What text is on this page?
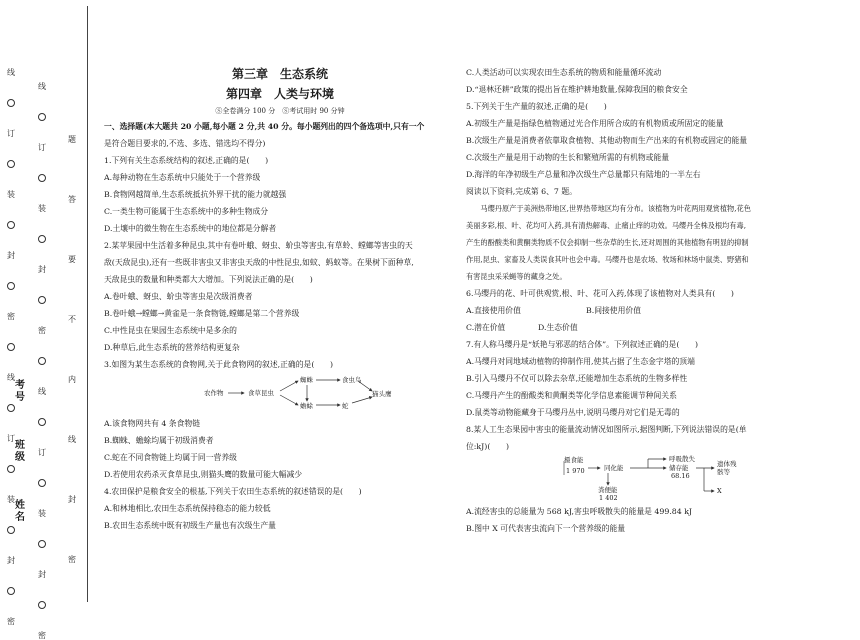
线
订
装
封
密
线
订
装
封
密
线
订
装
封
密
线
订
装
封
密
题
答
要
不
内
线
封
密
考号
班级
姓名
第三章　生态系统
第四章　人类与环境
Ⓢ全卷满分 100 分　Ⓢ考试用时 90 分钟
一、选择题(本大题共 20 小题,每小题 2 分,共 40 分。每小题列出的四个备选项中,只有一个
是符合题目要求的,不选、多选、错选均不得分)
1.下列有关生态系统结构的叙述,正确的是(　　)
A.每种动物在生态系统中只能处于一个营养级
B.食物网越简单,生态系统抵抗外界干扰的能力就越强
C.一类生物可能属于生态系统中的多种生物成分
D.土壤中的微生物在生态系统中的地位都是分解者
2.某苹果园中生活着多种昆虫,其中有卷叶蛾、蚜虫、蚧虫等害虫,有草蛉、螳螂等害虫的天
敌(天敌昆虫),还有一些既非害虫又非害虫天敌的中性昆虫,如蚊、蚂蚁等。在果树下面种草,
天敌昆虫的数量和种类都大大增加。下列说法正确的是(　　)
A.卷叶蛾、蚜虫、蚧虫等害虫是次级消费者
B.卷叶蛾→螳螂→黄雀是一条食物链,螳螂是第二个营养级
C.中性昆虫在果园生态系统中是多余的
D.种草后,此生态系统的营养结构更复杂
3.如图为某生态系统的食物网,关于此食物网的叙述,正确的是(　　)
农作物	食草昆虫
蜘蛛
蟾蜍
食虫鸟
猫头鹰
蛇
A.该食物网共有 4 条食物链
B.蜘蛛、蟾蜍均属于初级消费者
C.蛇在不同食物链上均属于同一营养级
D.若使用农药杀灭食草昆虫,则猫头鹰的数量可能大幅减少
4.农田保护是粮食安全的根基,下列关于农田生态系统的叙述错误的是(　　)
A.和林地相比,农田生态系统保持稳态的能力较低
B.农田生态系统中既有初级生产量也有次级生产量
C.人类活动可以实现农田生态系统的物质和能量循环流动
D.“退林还耕”政策的提出旨在维护耕地数量,保障我国的粮食安全
5.下列关于生产量的叙述,正确的是(　　)
A.初级生产量是指绿色植物通过光合作用所合成的有机物质或所固定的能量
B.次级生产量是消费者依靠取食植物、其他动物而生产出来的有机物或固定的能量
C.次级生产量是用于动物的生长和繁殖所需的有机物或能量
D.海洋的年净初级生产总量和净次级生产总量都只有陆地的一半左右
阅读以下资料,完成第 6、7 题。
马缨丹原产于美洲热带地区,世界热带地区均有分布。该植物为叶花两用观赏植物,花色
美丽多彩,根、叶、花均可入药,具有清热解毒、止痛止痒的功效。马缨丹全株及根均有毒,
产生的酚酸类和黄酮类物质不仅会抑制一些杂草的生长,还对周围的其他植物有明显的抑制
作用,昆虫、家畜及人类误食其叶也会中毒。马缨丹也是农场、牧场和林场中鼠类、野猪和
有害昆虫采采蝇等的藏身之处。
6.马缨丹的花、叶可供观赏,根、叶、花可入药,体现了该植物对人类具有(　　)
A.直接使用价值	B.间接使用价值
C.潜在价值	D.生态价值
7.有人称马缨丹是“妖艳与邪恶的结合体”。下列叙述正确的是(　　)
A.马缨丹对同地域动植物的抑制作用,使其占据了生态金字塔的顶端
B.引入马缨丹不仅可以除去杂草,还能增加生态系统的生物多样性
C.马缨丹产生的酚酸类和黄酮类等化学信息素能调节种间关系
D.鼠类等动物能藏身于马缨丹丛中,说明马缨丹对它们是无毒的
8.某人工生态果园中害虫的能量流动情况如图所示,据图判断,下列说法错误的是(单
位:kJ)(　　)
摄食能
1 970	同化能
呼吸散失
储存能
68.16
遗体残
骸等
X
粪便能
1 402
A.流经害虫的总能量为 568 kJ,害虫呼吸散失的能量是 499.84 kJ
B.图中 X 可代表害虫流向下一个营养级的能量
